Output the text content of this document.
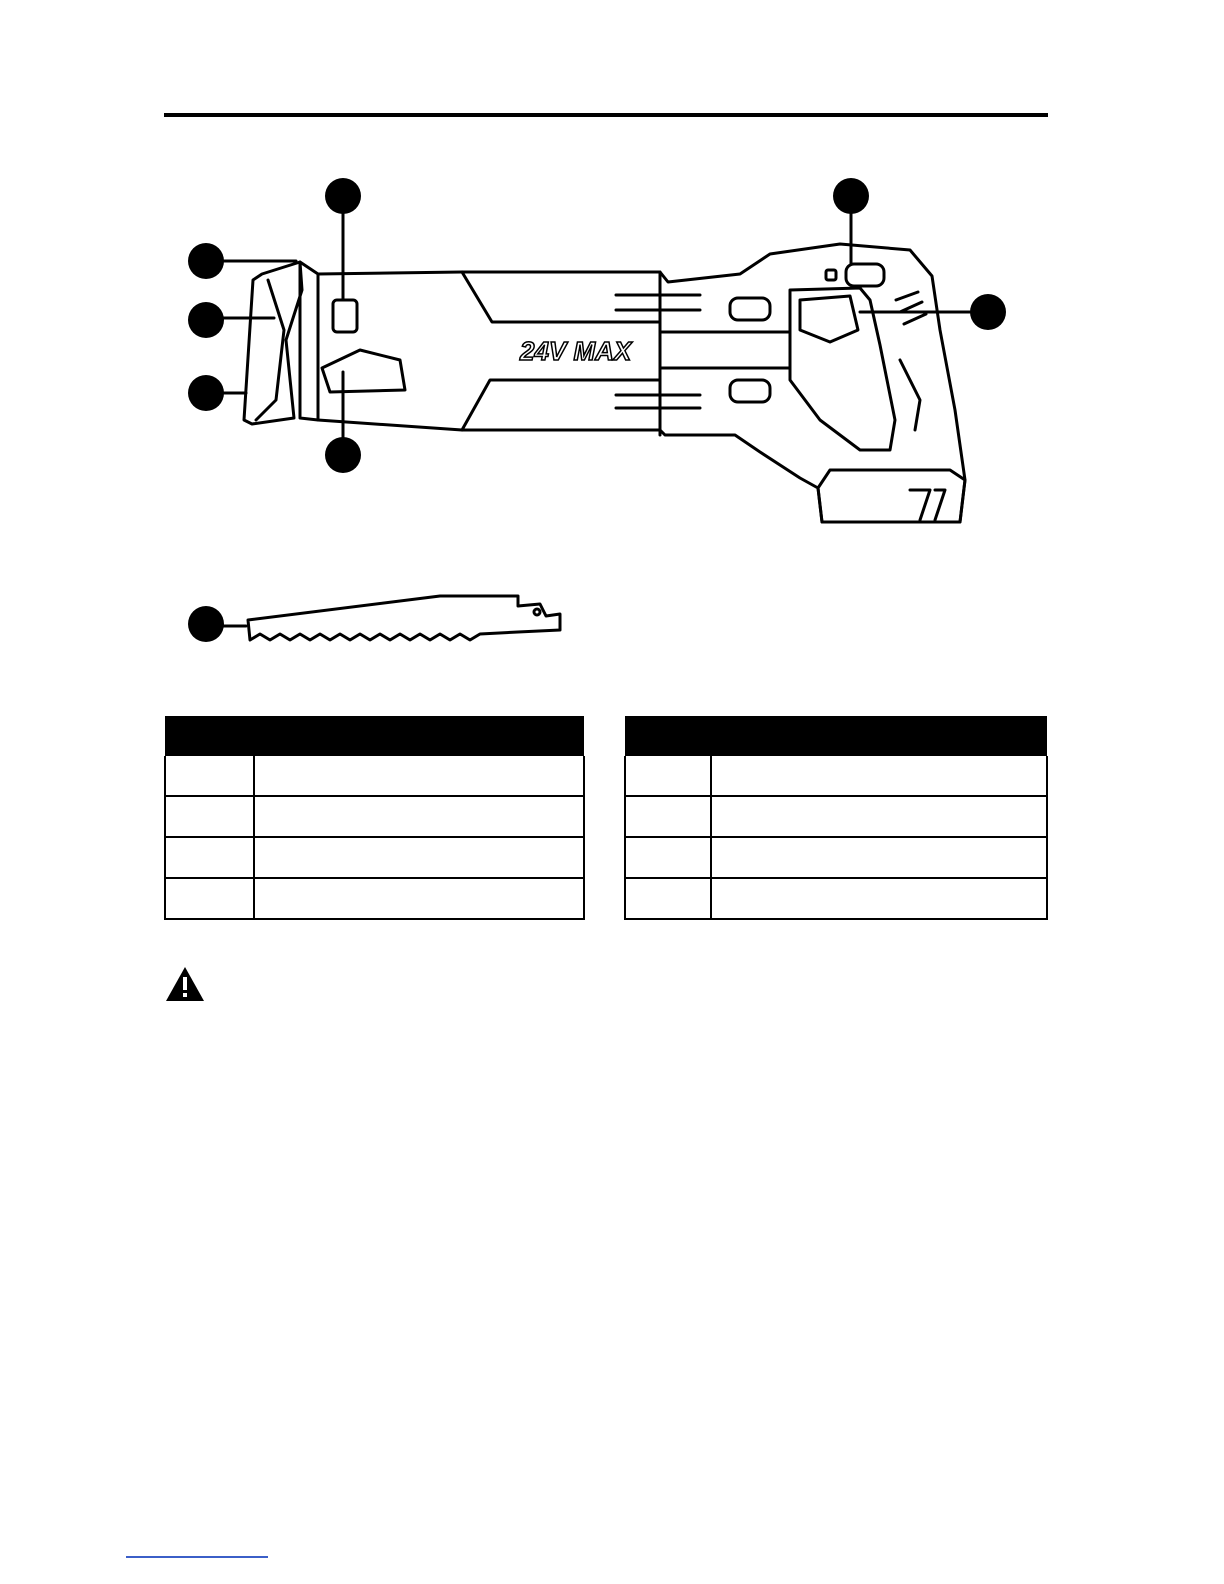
24V MAX
